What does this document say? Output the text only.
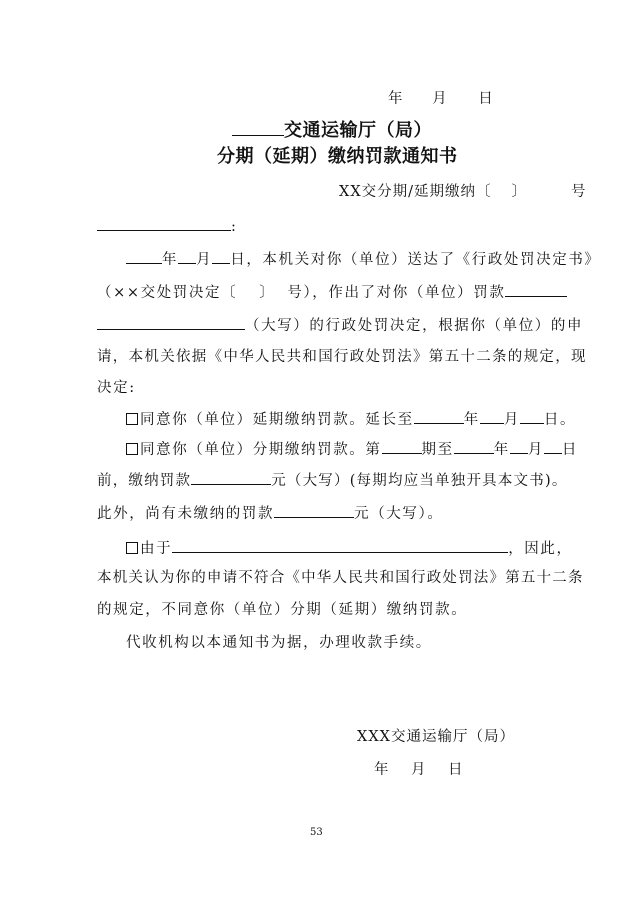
年 月 日
交通运输厅（局）
分期（延期）缴纳罚款通知书
XX交分期/延期缴纳〔 〕	号
:
年 月 日，本机关对你（单位）送达了《行政处罚决定书》
（××交处罚决定〔 〕 号），作出了对你（单位）罚款
（大写）的行政处罚决定，根据你（单位）的申
请，本机关依据《中华人民共和国行政处罚法》第五十二条的规定，现
决定:
同意你（单位）延期缴纳罚款。延长至	年 月 日。
同意你（单位）分期缴纳罚款。第	期至	年 月 日
前，缴纳罚款	元（大写）(每期均应当单独开具本文书)。
此外，尚有未缴纳的罚款	元（大写）。
由于	，因此，
本机关认为你的申请不符合《中华人民共和国行政处罚法》第五十二条
的规定，不同意你（单位）分期（延期）缴纳罚款。
代收机构以本通知书为据，办理收款手续。
XXX交通运输厅（局）
年　月　日
53
